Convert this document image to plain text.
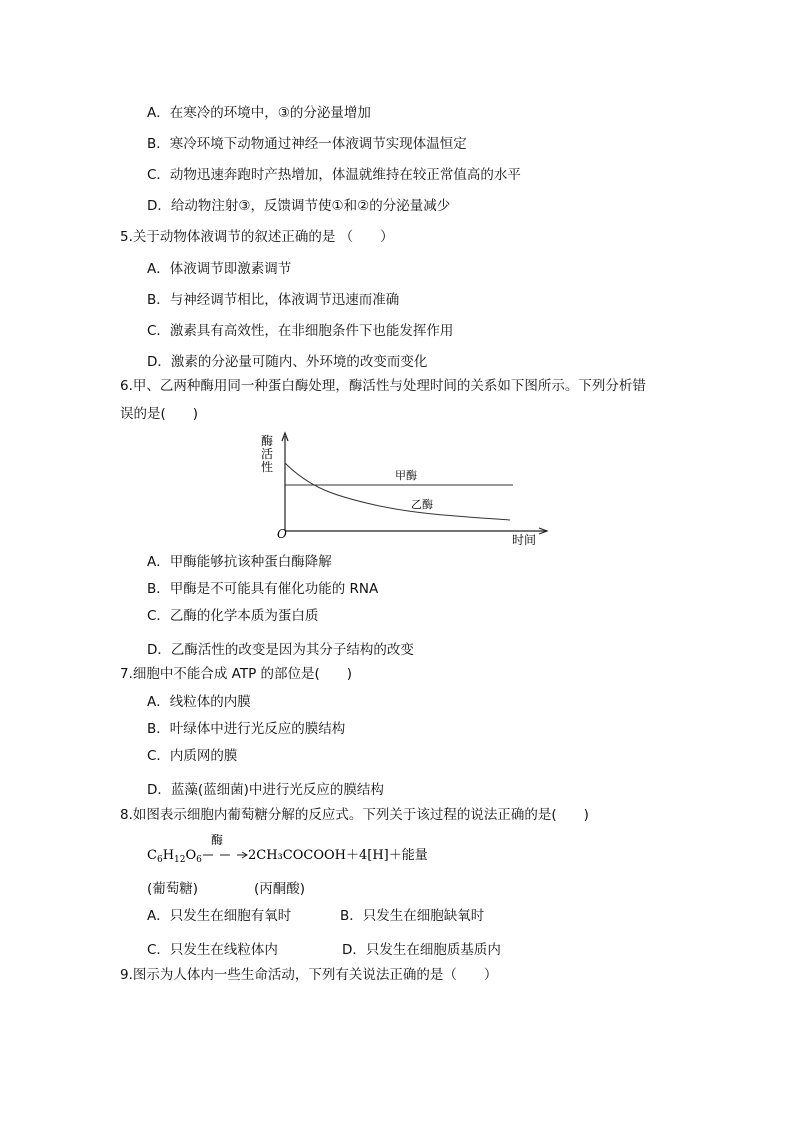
A．在寒冷的环境中，③的分泌量增加
B．寒冷环境下动物通过神经一体液调节实现体温恒定
C．动物迅速奔跑时产热增加，体温就维持在较正常值高的水平
D．给动物注射③，反馈调节使①和②的分泌量减少
5.关于动物体液调节的叙述正确的是 （　　）
A．体液调节即激素调节
B．与神经调节相比，体液调节迅速而准确
C．激素具有高效性，在非细胞条件下也能发挥作用
D．激素的分泌量可随内、外环境的改变而变化
6.甲、乙两种酶用同一种蛋白酶处理，酶活性与处理时间的关系如下图所示。下列分析错
误的是(　　)
酶
活
性
O	时间
甲酶
乙酶
A．甲酶能够抗该种蛋白酶降解
B．甲酶是不可能具有催化功能的 RNA
C．乙酶的化学本质为蛋白质
D．乙酶活性的改变是因为其分子结构的改变
7.细胞中不能合成 ATP 的部位是(　　)
A．线粒体的内膜
B．叶绿体中进行光反应的膜结构
C．内质网的膜
D．蓝藻(蓝细菌)中进行光反应的膜结构
8.如图表示细胞内葡萄糖分解的反应式。下列关于该过程的说法正确的是(　　)
酶
$C_6H_{12}O_6$	2CH₃COCOOH＋4[H]＋能量
(葡萄糖)	(丙酮酸)
A．只发生在细胞有氧时	B．只发生在细胞缺氧时
C．只发生在线粒体内	D．只发生在细胞质基质内
9.图示为人体内一些生命活动，下列有关说法正确的是（　　）
